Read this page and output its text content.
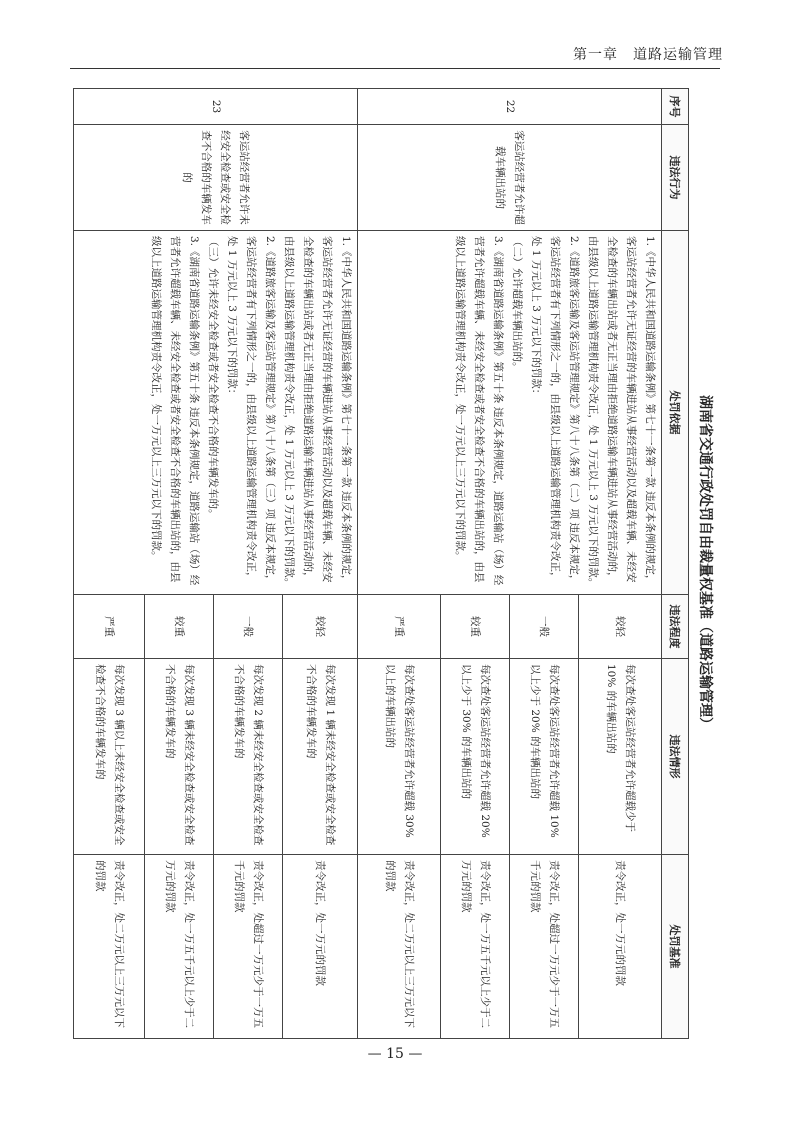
第一章　道路运输管理
湖南省交通行政处罚自由裁量权基准（道路运输管理）
序号	违法行为	处罚依据	违法程度	违法情形	处罚基准
22	客运站经营者允许超载车辆出站的	1.《中华人民共和国道路运输条例》第七十一条第一款 违反本条例的规定，客运站经营者允许无证经营的车辆进站从事经营活动以及超载车辆、未经安全检查的车辆出站或者无正当理由拒绝道路运输车辆进站从事经营活动的，由县级以上道路运输管理机构责令改正，处 1 万元以上 3 万元以下的罚款。

2.《道路旅客运输及客运站管理规定》第八十八条第（二）项 违反本规定，客运站经营者有下列情形之一的，由县级以上道路运输管理机构责令改正，处 1 万元以上 3 万元以下的罚款：

（二）允许超载车辆出站的。

3.《湖南省道路运输条例》第五十条 违反本条例规定，道路运输站（场）经营者允许超载车辆、未经安全检查或者安全检查不合格的车辆出站的，由县级以上道路运输管理机构责令改正，处一万元以上三万元以下的罚款。	较轻	每次查处客运站经营者允许超载少于 10% 的车辆出站的	责令改正，处一万元的罚款
			一般	每次查处客运站经营者允许超载 10% 以上少于 20% 的车辆出站的	责令改正，处超过一万元少于一万五千元的罚款
			较重	每次查处客运站经营者允许超载 20% 以上少于 30% 的车辆出站的	责令改正，处一万五千元以上少于二万元的罚款
			严重	每次查处客运站经营者允许超载 30% 以上的车辆出站的	责令改正，处二万元以上三万元以下的罚款
23	客运站经营者允许未经安全检查或安全检查不合格的车辆发车的	1.《中华人民共和国道路运输条例》第七十一条第一款 违反本条例的规定，客运站经营者允许无证经营的车辆进站从事经营活动以及超载车辆、未经安全检查的车辆出站或者无正当理由拒绝道路运输车辆进站从事经营活动的，由县级以上道路运输管理机构责令改正，处 1 万元以上 3 万元以下的罚款。

2.《道路旅客运输及客运站管理规定》第八十八条第（三）项 违反本规定，客运站经营者有下列情形之一的，由县级以上道路运输管理机构责令改正，处 1 万元以上 3 万元以下的罚款：

（三）允许未经安全检查或者安全检查不合格的车辆发车的。

3.《湖南省道路运输条例》第五十条 违反本条例规定，道路运输站（场）经营者允许超载车辆、未经安全检查或者安全检查不合格的车辆出站的，由县级以上道路运输管理机构责令改正，处一万元以上三万元以下的罚款。	较轻	每次发现 1 辆未经安全检查或安全检查不合格的车辆发车的	责令改正，处一万元的罚款
			一般	每次发现 2 辆未经安全检查或安全检查不合格的车辆发车的	责令改正，处超过一万元少于一万五千元的罚款
			较重	每次发现 3 辆未经安全检查或安全检查不合格的车辆发车的	责令改正，处一万五千元以上少于二万元的罚款
			严重	每次发现 3 辆以上未经安全检查或安全检查不合格的车辆发车的	责令改正，处二万元以上三万元以下的罚款
— 15 —
